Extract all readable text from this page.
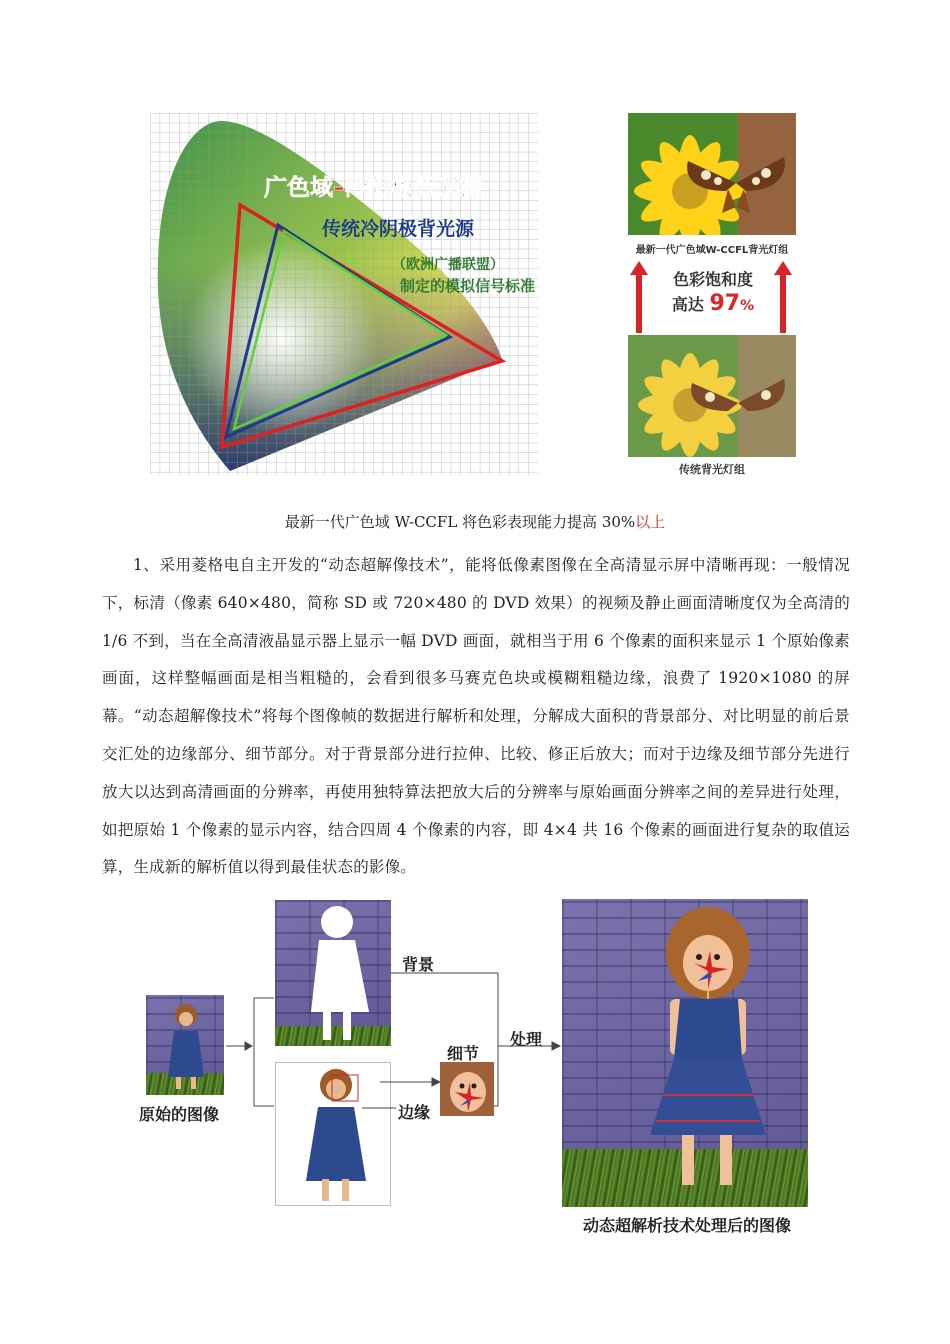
广色域–冷阴极背光源
传统冷阴极背光源
（欧洲广播联盟）
制定的模拟信号标准
最新一代广色域W-CCFL背光灯组
色彩饱和度
高达 97%
传统背光灯组
最新一代广色域 W-CCFL 将色彩表现能力提高 30%以上
1、采用菱格电自主开发的“动态超解像技术”，能将低像素图像在全高清显示屏中清晰再现：一般情况下，标清（像素 640×480，简称 SD 或 720×480 的 DVD 效果）的视频及静止画面清晰度仅为全高清的 1/6 不到，当在全高清液晶显示器上显示一幅 DVD 画面，就相当于用 6 个像素的面积来显示 1 个原始像素画面，这样整幅画面是相当粗糙的，会看到很多马赛克色块或模糊粗糙边缘，浪费了 1920×1080 的屏幕。“动态超解像技术”将每个图像帧的数据进行解析和处理，分解成大面积的背景部分、对比明显的前后景交汇处的边缘部分、细节部分。对于背景部分进行拉伸、比较、修正后放大；而对于边缘及细节部分先进行放大以达到高清画面的分辨率，再使用独特算法把放大后的分辨率与原始画面分辨率之间的差异进行处理，如把原始 1 个像素的显示内容，结合四周 4 个像素的内容，即 4×4 共 16 个像素的画面进行复杂的取值运算，生成新的解析值以得到最佳状态的影像。
原始的图像
背景
细节
边缘
处理
动态超解析技术处理后的图像
